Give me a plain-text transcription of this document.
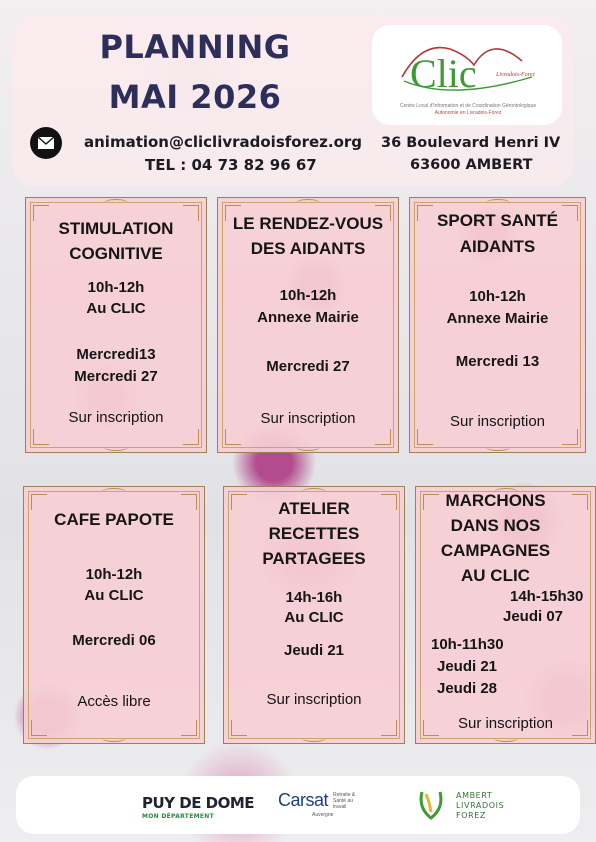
PLANNING
MAI 2026
Clic	Livradois-Forez
Centre Local d'Information et de Coordination Gérontologique
Autonomie en Livradois-Forez
animation@cliclivradoisforez.org
TEL : 04 73 82 96 67
36 Boulevard Henri IV
63600 AMBERT
STIMULATION
COGNITIVE
10h-12h
Au CLIC
Mercredi13
Mercredi 27
Sur inscription
LE RENDEZ-VOUS
DES AIDANTS
10h-12h
Annexe Mairie
Mercredi 27
Sur inscription
SPORT SANTÉ
AIDANTS
10h-12h
Annexe Mairie
Mercredi 13
Sur inscription
CAFE PAPOTE
10h-12h
Au CLIC
Mercredi 06
Accès libre
ATELIER
RECETTES
PARTAGEES
14h-16h
Au CLIC
Jeudi 21
Sur inscription
MARCHONS
DANS NOS
CAMPAGNES
AU CLIC
14h-15h30
Jeudi 07
10h-11h30
Jeudi 21
Jeudi 28
Sur inscription
PUY DE DOME
MON DÉPARTEMENT
Carsat Retraite & Santé au travail
Auvergne
AMBERT
LIVRADOIS
FOREZ
